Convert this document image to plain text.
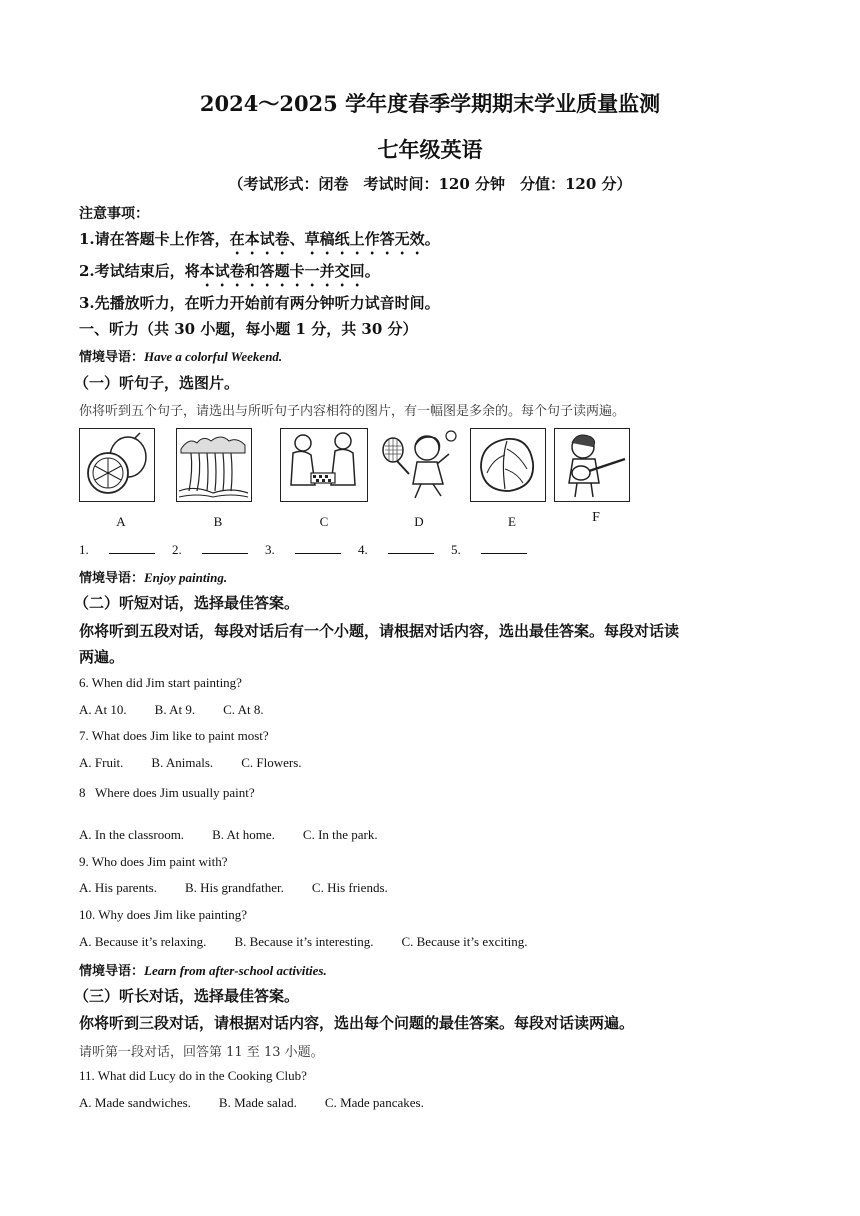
2024～2025 学年度春季学期期末学业质量监测
七年级英语
（考试形式：闭卷　考试时间：120 分钟　分值：120 分）
注意事项：
1.请在答题卡上作答，在本试卷、草稿纸上作答无效。
2.考试结束后，将本试卷和答题卡一并交回。
3.先播放听力，在听力开始前有两分钟听力试音时间。
一、听力（共 30 小题，每小题 1 分，共 30 分）
情境导语：Have a colorful Weekend.
（一）听句子，选图片。
你将听到五个句子，请选出与所听句子内容相符的图片，有一幅图是多余的。每个句子读两遍。
A	B	C	D	E	F
1.	2.	3.	4.	5.
情境导语：Enjoy painting.
（二）听短对话，选择最佳答案。
你将听到五段对话，每段对话后有一个小题，请根据对话内容，选出最佳答案。每段对话读
两遍。
6. When did Jim start painting?
A. At 10. B. At 9. C. At 8.
7. What does Jim like to paint most?
A. Fruit. B. Animals. C. Flowers.
8   Where does Jim usually paint?
A. In the classroom. B. At home. C. In the park.
9. Who does Jim paint with?
A. His parents. B. His grandfather. C. His friends.
10. Why does Jim like painting?
A. Because it’s relaxing. B. Because it’s interesting. C. Because it’s exciting.
情境导语：Learn from after-school activities.
（三）听长对话，选择最佳答案。
你将听到三段对话，请根据对话内容，选出每个问题的最佳答案。每段对话读两遍。
请听第一段对话，回答第 11 至 13 小题。
11. What did Lucy do in the Cooking Club?
A. Made sandwiches. B. Made salad. C. Made pancakes.
